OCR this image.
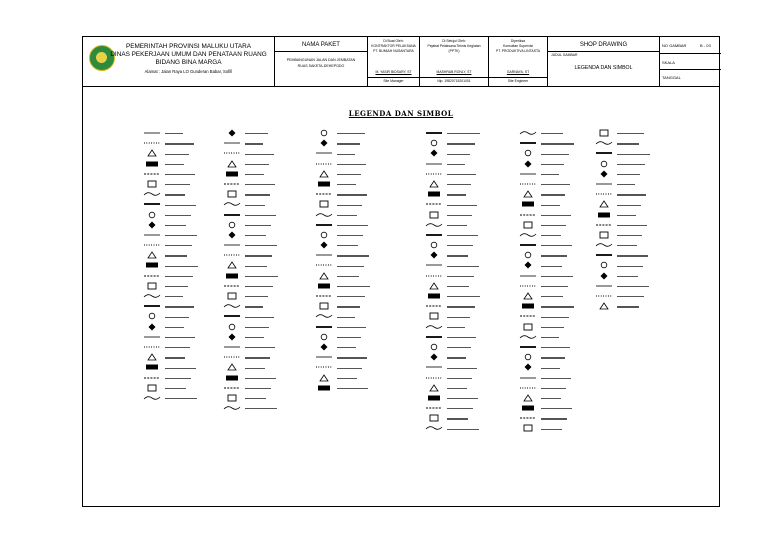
PEMERINTAH PROVINSI MALUKU UTARA
DINAS PEKERJAAN UMUM DAN PENATAAN RUANG
BIDANG BINA MARGA
Alamat : Jalan Raya LO Gunderan Babar, Sofifi
NAMA PAKET
PEMBANGUNAN JALAN DAN JEMBATAN
RUAS SAKETA-DEHEPODO
Di Buat Oleh:
KONTRAKTOR PELAKSANA
PT. BUMIAH NUSANTARA
M. YASIR BIDSARY, ST
Site Manager
Di Setujui Oleh:
Pejabat Pelaksana Teknis Kegiatan
(PPTK)
MASHRAB RONLY, ST
Nip. 19820715201001
Diperiksa
Konsultan Supervisi
PT. PRODUKTIVA LINTASTA
GARNAYA, ST
Site Engineer
SHOP DRAWING
JUDUL GAMBAR
LEGENDA DAN SIMBOL
NO GAMBAR	B - 03
SKALA
TANGGAL
LEGENDA DAN SIMBOL
